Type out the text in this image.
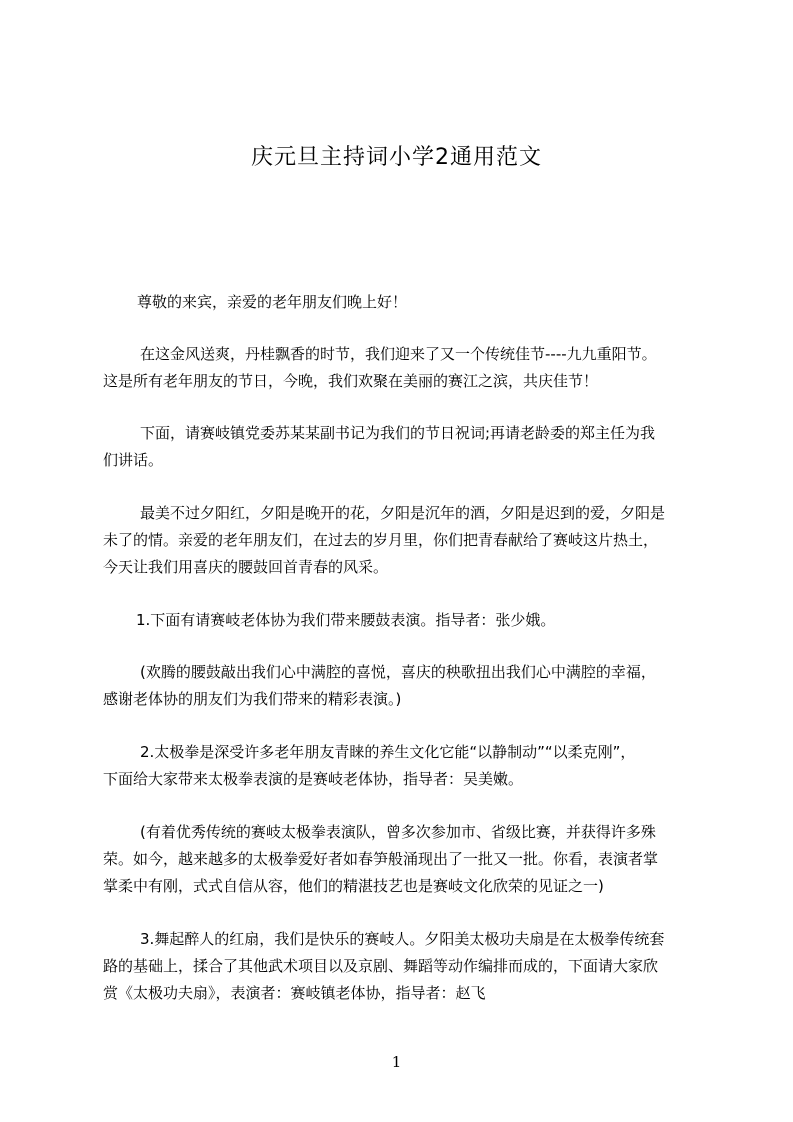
庆元旦主持词小学2通用范文

尊敬的来宾，亲爱的老年朋友们晚上好！

在这金风送爽，丹桂飘香的时节，我们迎来了又一个传统佳节----九九重阳节。
这是所有老年朋友的节日，今晚，我们欢聚在美丽的赛江之滨，共庆佳节！

下面，请赛岐镇党委苏某某副书记为我们的节日祝词;再请老龄委的郑主任为我
们讲话。

最美不过夕阳红，夕阳是晚开的花，夕阳是沉年的酒，夕阳是迟到的爱，夕阳是
未了的情。亲爱的老年朋友们，在过去的岁月里，你们把青春献给了赛岐这片热土，
今天让我们用喜庆的腰鼓回首青春的风采。

1.下面有请赛岐老体协为我们带来腰鼓表演。指导者：张少娥。

(欢腾的腰鼓敲出我们心中满腔的喜悦，喜庆的秧歌扭出我们心中满腔的幸福，
感谢老体协的朋友们为我们带来的精彩表演。)

2.太极拳是深受许多老年朋友青睐的养生文化它能“以静制动”“以柔克刚”，
下面给大家带来太极拳表演的是赛岐老体协，指导者：吴美嫩。

(有着优秀传统的赛岐太极拳表演队，曾多次参加市、省级比赛，并获得许多殊
荣。如今，越来越多的太极拳爱好者如春笋般涌现出了一批又一批。你看，表演者掌
掌柔中有刚，式式自信从容，他们的精湛技艺也是赛岐文化欣荣的见证之一)

3.舞起醉人的红扇，我们是快乐的赛岐人。夕阳美太极功夫扇是在太极拳传统套
路的基础上，揉合了其他武术项目以及京剧、舞蹈等动作编排而成的，下面请大家欣
赏《太极功夫扇》，表演者：赛岐镇老体协，指导者：赵飞

1
